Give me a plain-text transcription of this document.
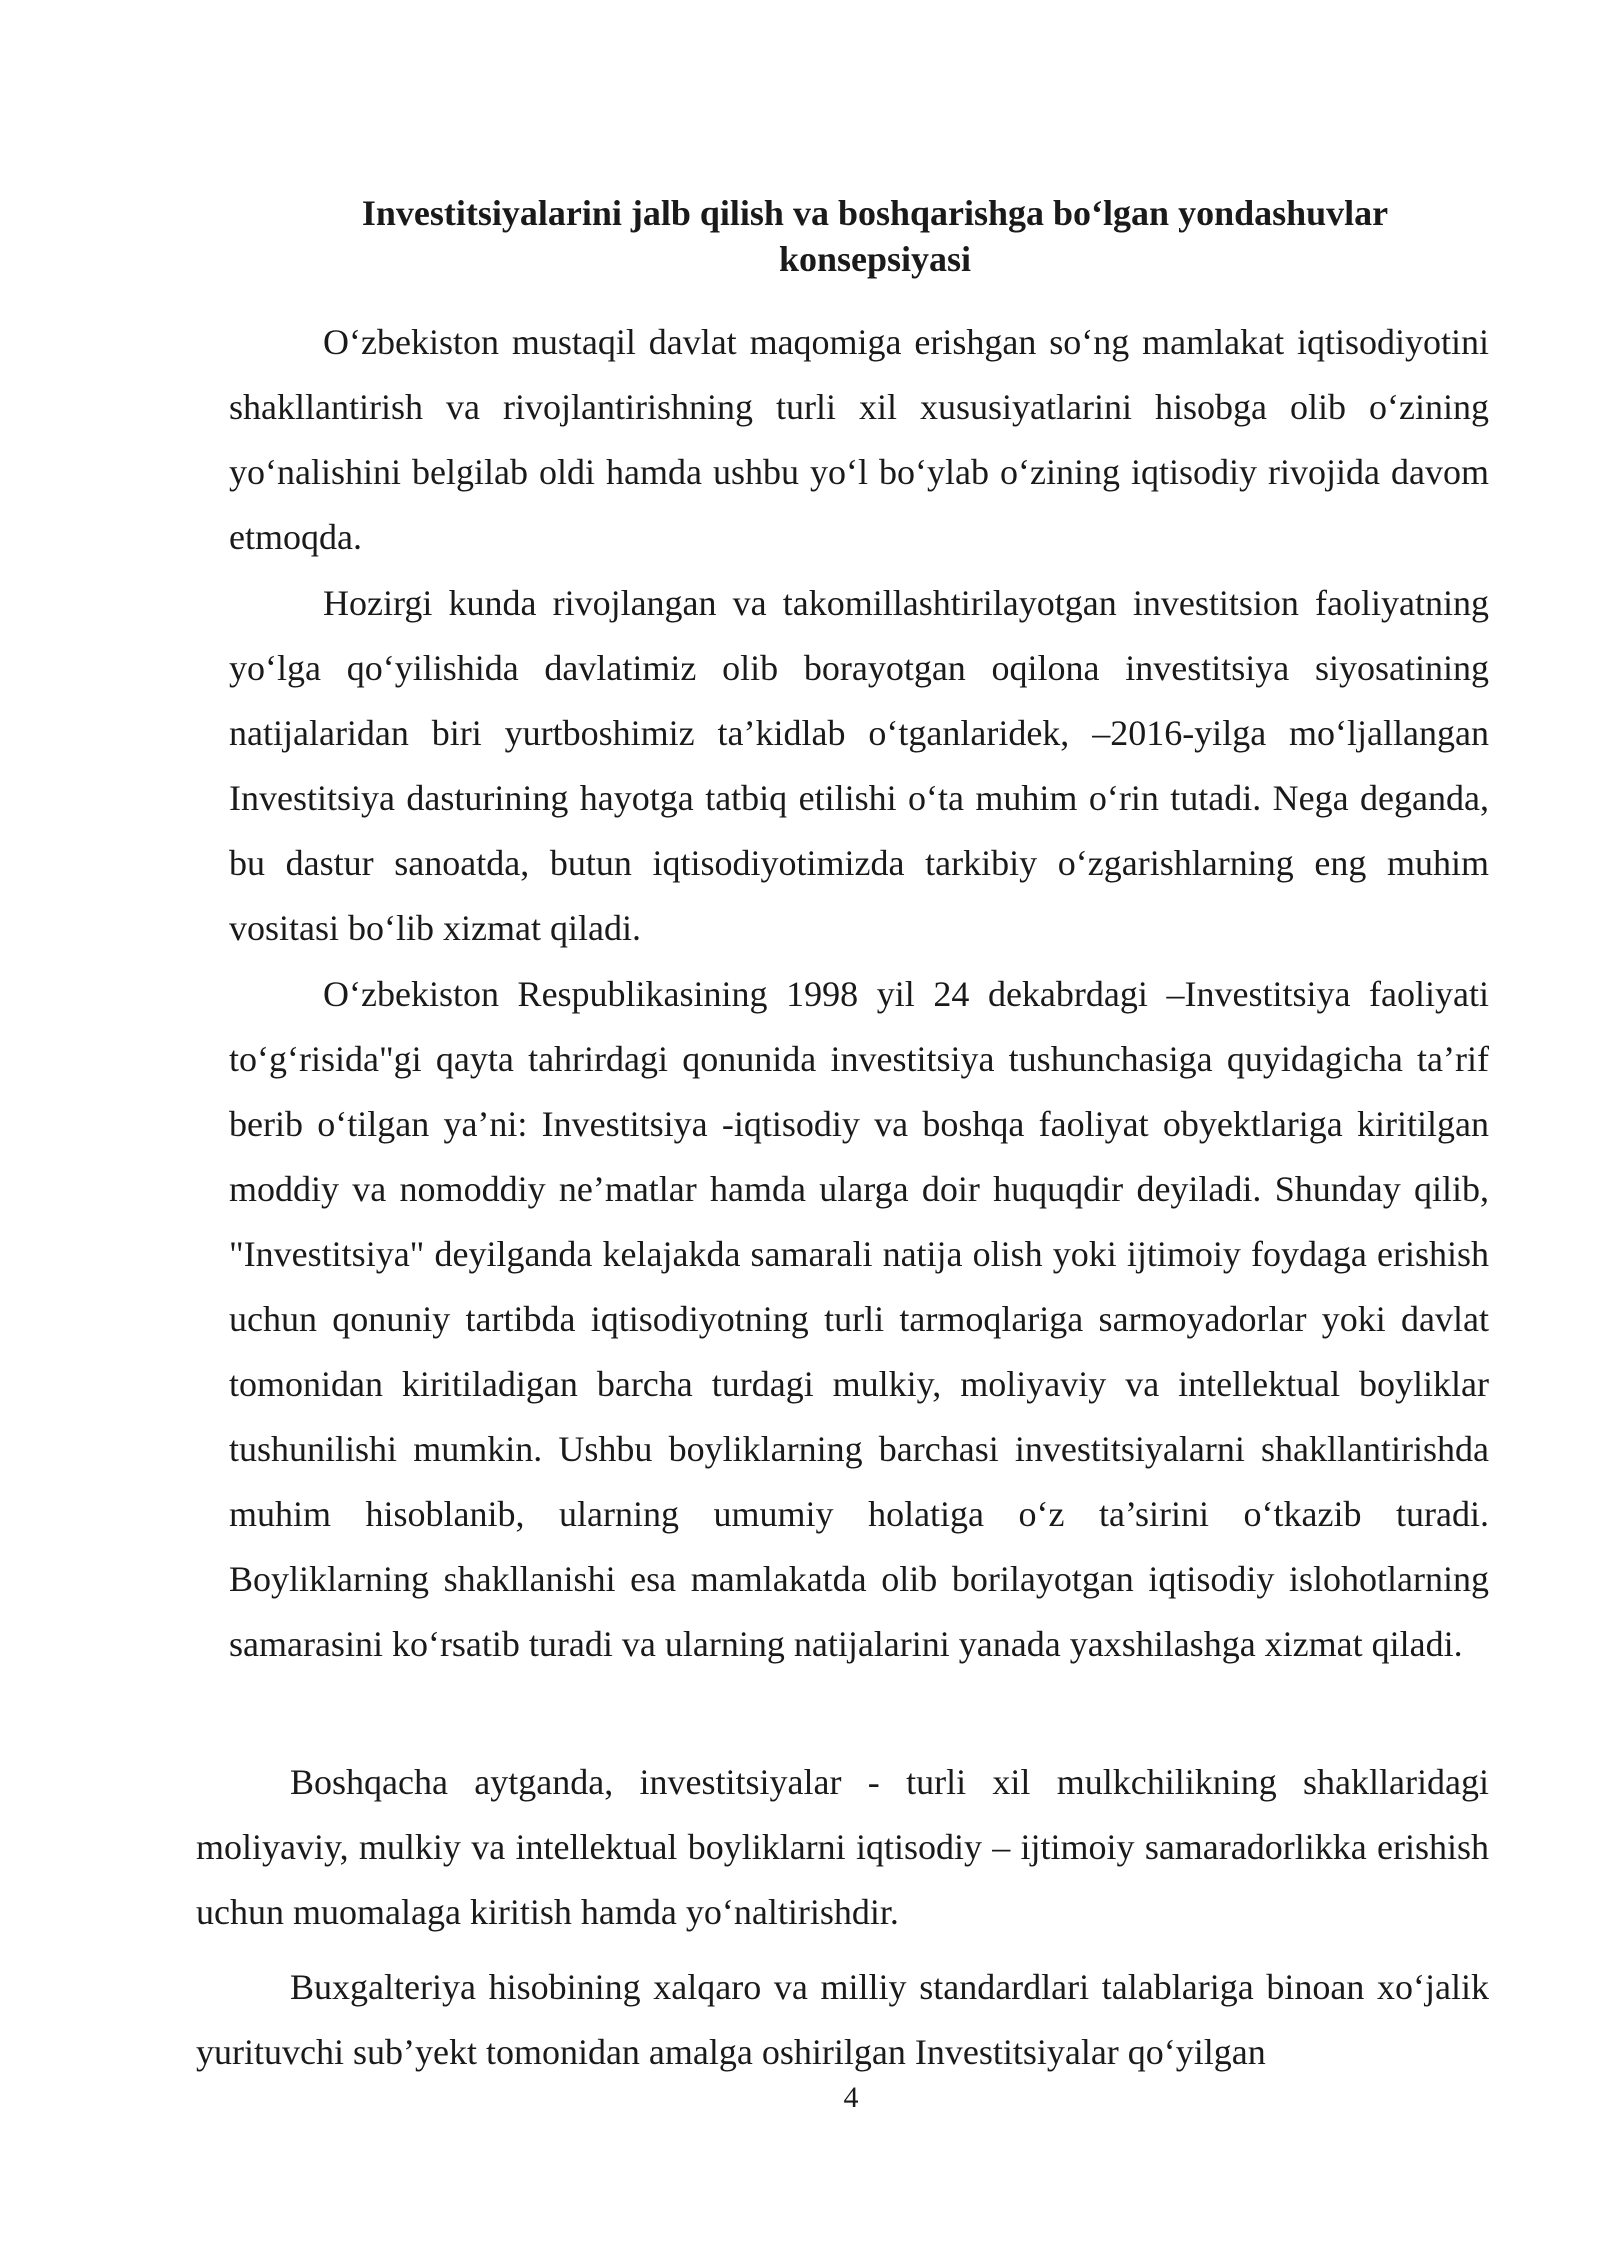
Investitsiyalarini jalb qilish va boshqarishga bo‘lgan yondashuvlar
konsepsiyasi

O‘zbekiston mustaqil davlat maqomiga erishgan so‘ng mamlakat iqtisodiyotini shakllantirish va rivojlantirishning turli xil xususiyatlarini hisobga olib o‘zining yo‘nalishini belgilab oldi hamda ushbu yo‘l bo‘ylab o‘zining iqtisodiy rivojida davom etmoqda.

Hozirgi kunda rivojlangan va takomillashtirilayotgan investitsion faoliyatning yo‘lga qo‘yilishida davlatimiz olib borayotgan oqilona investitsiya siyosatining natijalaridan biri yurtboshimiz ta’kidlab o‘tganlaridek, –2016-yilga mo‘ljallangan Investitsiya dasturining hayotga tatbiq etilishi o‘ta muhim o‘rin tutadi. Nega deganda, bu dastur sanoatda, butun iqtisodiyotimizda tarkibiy o‘zgarishlarning eng muhim vositasi bo‘lib xizmat qiladi.

O‘zbekiston Respublikasining 1998 yil 24 dekabrdagi –Investitsiya faoliyati to‘g‘risida"gi qayta tahrirdagi qonunida investitsiya tushunchasiga quyidagicha ta’rif berib o‘tilgan ya’ni: Investitsiya -iqtisodiy va boshqa faoliyat obyektlariga kiritilgan moddiy va nomoddiy ne’matlar hamda ularga doir huquqdir deyiladi. Shunday qilib, "Investitsiya" deyilganda kelajakda samarali natija olish yoki ijtimoiy foydaga erishish uchun qonuniy tartibda iqtisodiyotning turli tarmoqlariga sarmoyadorlar yoki davlat tomonidan kiritiladigan barcha turdagi mulkiy, moliyaviy va intellektual boyliklar tushunilishi mumkin. Ushbu boyliklarning barchasi investitsiyalarni shakllantirishda muhim hisoblanib, ularning umumiy holatiga o‘z ta’sirini o‘tkazib turadi. Boyliklarning shakllanishi esa mamlakatda olib borilayotgan iqtisodiy islohotlarning samarasini ko‘rsatib turadi va ularning natijalarini yanada yaxshilashga xizmat qiladi.

Boshqacha aytganda, investitsiyalar - turli xil mulkchilikning shakllaridagi moliyaviy, mulkiy va intellektual boyliklarni iqtisodiy – ijtimoiy samaradorlikka erishish uchun muomalaga kiritish hamda yo‘naltirishdir.

Buxgalteriya hisobining xalqaro va milliy standardlari talablariga binoan xo‘jalik yurituvchi sub’yekt tomonidan amalga oshirilgan Investitsiyalar qo‘yilgan

4
